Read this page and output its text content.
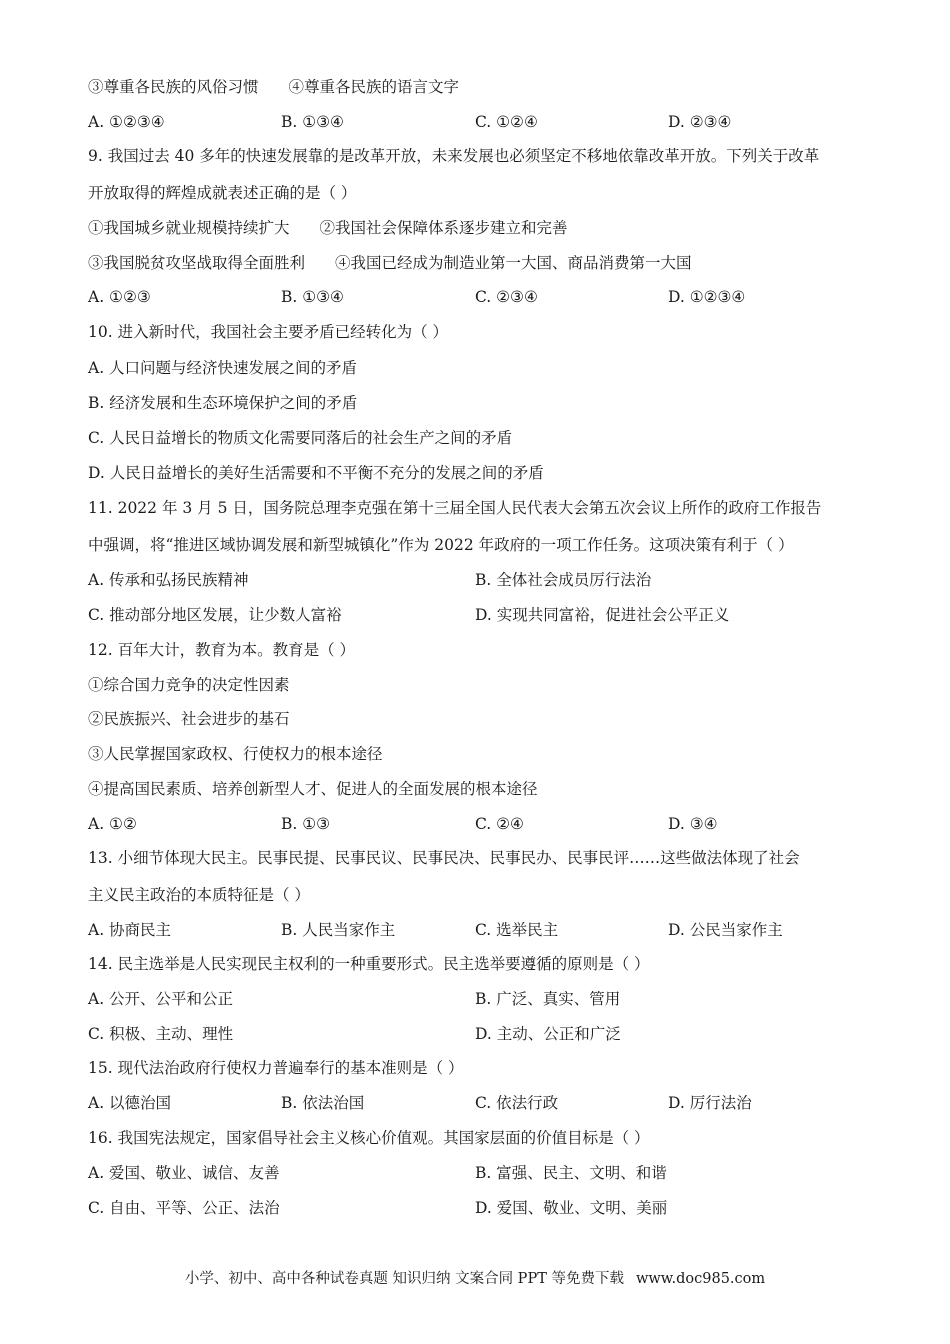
③尊重各民族的风俗习惯 ④尊重各民族的语言文字
A. ①②③④	B. ①③④	C. ①②④	D. ②③④
9. 我国过去 40 多年的快速发展靠的是改革开放，未来发展也必须坚定不移地依靠改革开放。下列关于改革
开放取得的辉煌成就表述正确的是（ ）
①我国城乡就业规模持续扩大 ②我国社会保障体系逐步建立和完善
③我国脱贫攻坚战取得全面胜利 ④我国已经成为制造业第一大国、商品消费第一大国
A. ①②③	B. ①③④	C. ②③④	D. ①②③④
10. 进入新时代，我国社会主要矛盾已经转化为（ ）
A. 人口问题与经济快速发展之间的矛盾
B. 经济发展和生态环境保护之间的矛盾
C. 人民日益增长的物质文化需要同落后的社会生产之间的矛盾
D. 人民日益增长的美好生活需要和不平衡不充分的发展之间的矛盾
11. 2022 年 3 月 5 日，国务院总理李克强在第十三届全国人民代表大会第五次会议上所作的政府工作报告
中强调，将“推进区域协调发展和新型城镇化”作为 2022 年政府的一项工作任务。这项决策有利于（ ）
A. 传承和弘扬民族精神	B. 全体社会成员厉行法治
C. 推动部分地区发展，让少数人富裕	D. 实现共同富裕，促进社会公平正义
12. 百年大计，教育为本。教育是（ ）
①综合国力竞争的决定性因素
②民族振兴、社会进步的基石
③人民掌握国家政权、行使权力的根本途径
④提高国民素质、培养创新型人才、促进人的全面发展的根本途径
A. ①②	B. ①③	C. ②④	D. ③④
13. 小细节体现大民主。民事民提、民事民议、民事民决、民事民办、民事民评……这些做法体现了社会
主义民主政治的本质特征是（ ）
A. 协商民主	B. 人民当家作主	C. 选举民主	D. 公民当家作主
14. 民主选举是人民实现民主权利的一种重要形式。民主选举要遵循的原则是（ ）
A. 公开、公平和公正	B. 广泛、真实、管用
C. 积极、主动、理性	D. 主动、公正和广泛
15. 现代法治政府行使权力普遍奉行的基本准则是（ ）
A. 以德治国	B. 依法治国	C. 依法行政	D. 厉行法治
16. 我国宪法规定，国家倡导社会主义核心价值观。其国家层面的价值目标是（ ）
A. 爱国、敬业、诚信、友善	B. 富强、民主、文明、和谐
C. 自由、平等、公正、法治	D. 爱国、敬业、文明、美丽
小学、初中、高中各种试卷真题 知识归纳 文案合同 PPT 等免费下载 www.doc985.com
